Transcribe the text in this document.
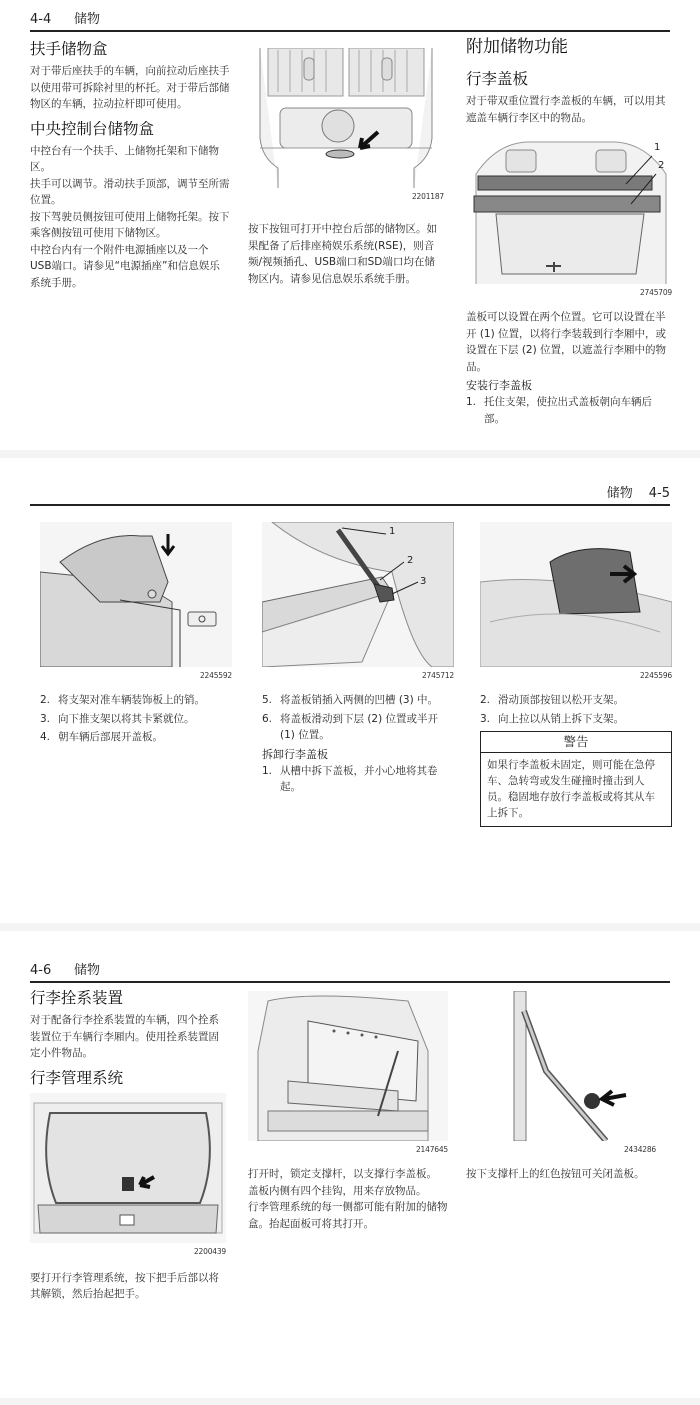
4-4 储物
扶手储物盒
对于带后座扶手的车辆，向前拉动后座扶手以使用带可拆除衬里的杯托。对于带后部储物区的车辆，拉动拉杆即可使用。
中央控制台储物盒
中控台有一个扶手、上储物托架和下储物区。
扶手可以调节。滑动扶手顶部，调节至所需位置。
按下驾驶员侧按钮可使用上储物托架。按下乘客侧按钮可使用下储物区。
中控台内有一个附件电源插座以及一个USB端口。请参见“电源插座”和信息娱乐系统手册。
2201187
按下按钮可打开中控台后部的储物区。如果配备了后排座椅娱乐系统(RSE)，则音频/视频插孔、USB端口和SD端口均在储物区内。请参见信息娱乐系统手册。
附加储物功能
行李盖板
对于带双重位置行李盖板的车辆，可以用其遮盖车辆行李区中的物品。
1
2
2745709
盖板可以设置在两个位置。它可以设置在半开 (1) 位置，以将行李装载到行李厢中，或设置在下层 (2) 位置，以遮盖行李厢中的物品。
安装行李盖板
1. 托住支架，使拉出式盖板朝向车辆后部。
储物 4-5
2245592
2. 将支架对准车辆装饰板上的销。
3. 向下推支架以将其卡紧就位。
4. 朝车辆后部展开盖板。
1
2
3
2745712
5. 将盖板销插入两侧的凹槽 (3) 中。
6. 将盖板滑动到下层 (2) 位置或半开 (1) 位置。
拆卸行李盖板
1. 从槽中拆下盖板，并小心地将其卷起。
2245596
2. 滑动顶部按钮以松开支架。
3. 向上拉以从销上拆下支架。
警告
如果行李盖板未固定，则可能在急停车、急转弯或发生碰撞时撞击到人员。稳固地存放行李盖板或将其从车上拆下。
4-6 储物
行李拴系装置
对于配备行李拴系装置的车辆，四个拴系装置位于车辆行李厢内。使用拴系装置固定小件物品。
行李管理系统
2200439
要打开行李管理系统，按下把手后部以将其解锁，然后抬起把手。
2147645
打开时，锁定支撑杆，以支撑行李盖板。
盖板内侧有四个挂钩，用来存放物品。
行李管理系统的每一侧都可能有附加的储物盒。抬起面板可将其打开。
2434286
按下支撑杆上的红色按钮可关闭盖板。
